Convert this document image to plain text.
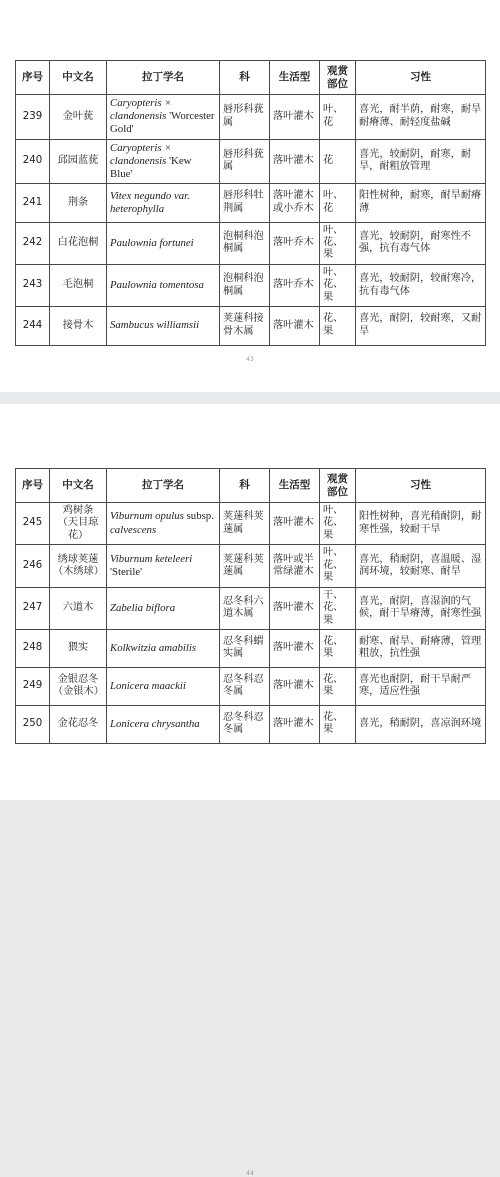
序号	中文名	拉丁学名	科	生活型	观赏部位	习性
239	金叶莸	Caryopteris × clandonensis 'Worcester Gold'	唇形科莸属	落叶灌木	叶、花	喜光，耐半荫，耐寒，耐旱耐瘠薄、耐轻度盐碱
240	邱园蓝莸	Caryopteris × clandonensis 'Kew Blue'	唇形科莸属	落叶灌木	花	喜光，较耐阴，耐寒，耐旱，耐粗放管理
241	荆条	Vitex negundo var. heterophylla	唇形科牡荆属	落叶灌木或小乔木	叶、花	阳性树种，耐寒，耐旱耐瘠薄
242	白花泡桐	Paulownia fortunei	泡桐科泡桐属	落叶乔木	叶、花、果	喜光，较耐阴，耐寒性不强，抗有毒气体
243	毛泡桐	Paulownia tomentosa	泡桐科泡桐属	落叶乔木	叶、花、果	喜光，较耐阴，较耐寒冷，抗有毒气体
244	接骨木	Sambucus williamsii	荚蒾科接骨木属	落叶灌木	花、果	喜光，耐阴，较耐寒，又耐旱
43
序号	中文名	拉丁学名	科	生活型	观赏部位	习性
245	鸡树条（天目琼花）	Viburnum opulus subsp. calvescens	荚蒾科荚蒾属	落叶灌木	叶、花、果	阳性树种，喜光稍耐阴，耐寒性强，较耐干旱
246	绣球荚蒾（木绣球）	Viburnum keteleeri 'Sterile'	荚蒾科荚蒾属	落叶或半常绿灌木	叶、花、果	喜光，稍耐阴，喜温暖、湿润环境，较耐寒、耐旱
247	六道木	Zabelia biflora	忍冬科六道木属	落叶灌木	干、花、果	喜光，耐阴，喜湿润的气候，耐干旱瘠薄，耐寒性强
248	猥实	Kolkwitzia amabilis	忍冬科蝟实属	落叶灌木	花、果	耐寒、耐旱、耐瘠薄，管理粗放，抗性强
249	金银忍冬（金银木）	Lonicera maackii	忍冬科忍冬属	落叶灌木	花、果	喜光也耐阴，耐干旱耐严寒，适应性强
250	金花忍冬	Lonicera chrysantha	忍冬科忍冬属	落叶灌木	花、果	喜光，稍耐阴，喜凉润环境
44
